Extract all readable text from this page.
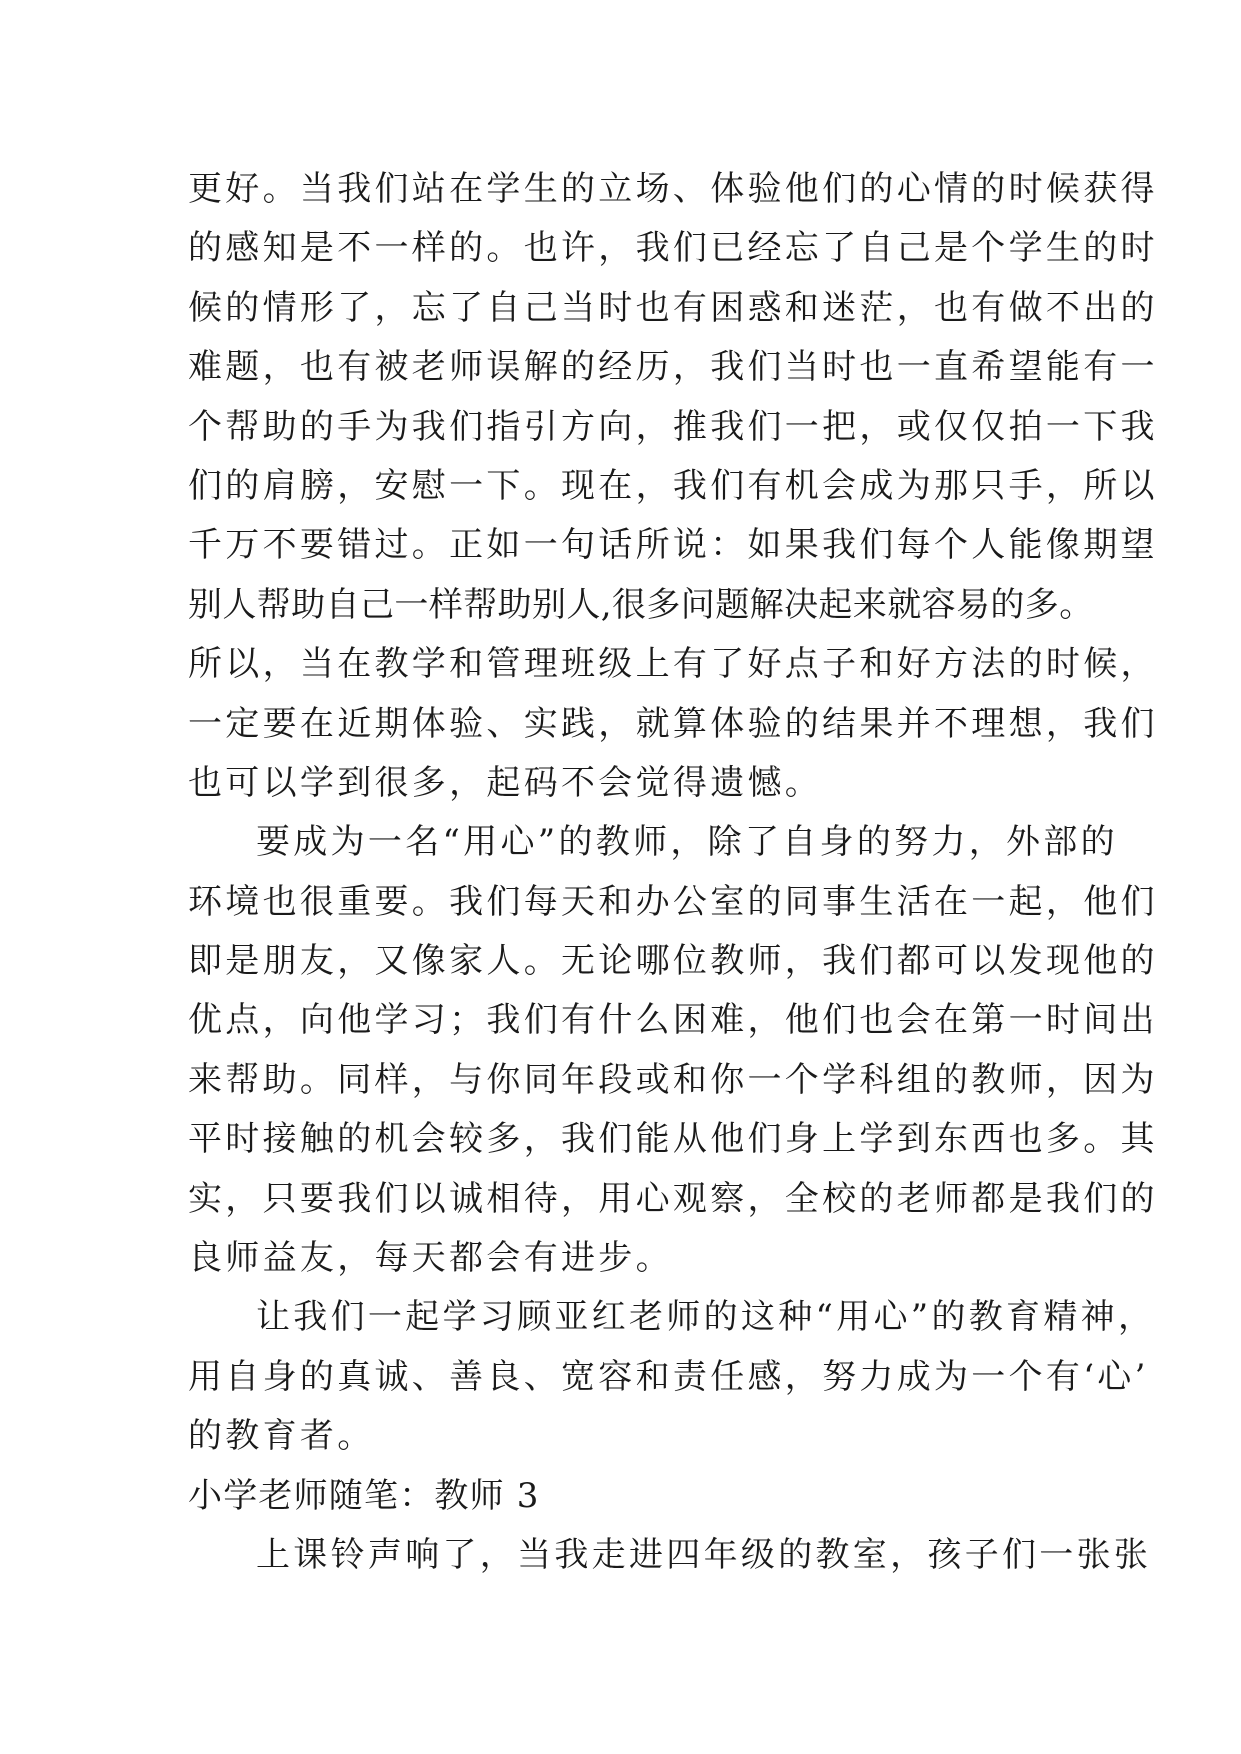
更好。当我们站在学生的立场、体验他们的心情的时候获得
的感知是不一样的。也许，我们已经忘了自己是个学生的时
候的情形了，忘了自己当时也有困惑和迷茫，也有做不出的
难题，也有被老师误解的经历，我们当时也一直希望能有一
个帮助的手为我们指引方向，推我们一把，或仅仅拍一下我
们的肩膀，安慰一下。现在，我们有机会成为那只手，所以
千万不要错过。正如一句话所说：如果我们每个人能像期望
别人帮助自己一样帮助别人,很多问题解决起来就容易的多。
所以，当在教学和管理班级上有了好点子和好方法的时候，
一定要在近期体验、实践，就算体验的结果并不理想，我们
也可以学到很多，起码不会觉得遗憾。
要成为一名“用心”的教师，除了自身的努力，外部的
环境也很重要。我们每天和办公室的同事生活在一起，他们
即是朋友，又像家人。无论哪位教师，我们都可以发现他的
优点，向他学习；我们有什么困难，他们也会在第一时间出
来帮助。同样，与你同年段或和你一个学科组的教师，因为
平时接触的机会较多，我们能从他们身上学到东西也多。其
实，只要我们以诚相待，用心观察，全校的老师都是我们的
良师益友，每天都会有进步。
让我们一起学习顾亚红老师的这种“用心”的教育精神，
用自身的真诚、善良、宽容和责任感，努力成为一个有‘心’
的教育者。
小学老师随笔：教师 3
上课铃声响了，当我走进四年级的教室，孩子们一张张
